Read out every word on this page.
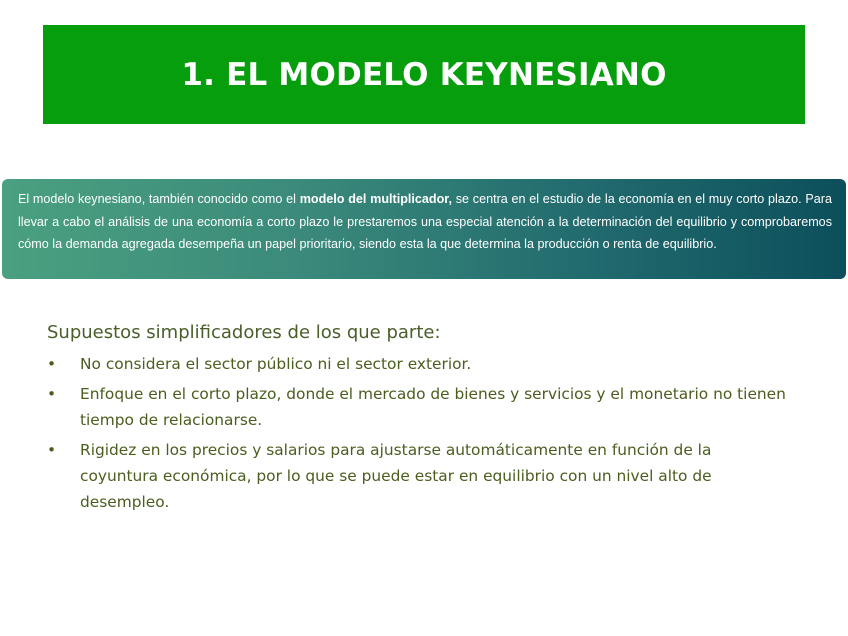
1. EL MODELO KEYNESIANO

El modelo keynesiano, también conocido como el modelo del multiplicador, se centra en el estudio de la economía en el muy corto plazo. Para llevar a cabo el análisis de una economía a corto plazo le prestaremos una especial atención a la determinación del equilibrio y comprobaremos cómo la demanda agregada desempeña un papel prioritario, siendo esta la que determina la producción o renta de equilibrio.

Supuestos simplificadores de los que parte:

• No considera el sector público ni el sector exterior.
• Enfoque en el corto plazo, donde el mercado de bienes y servicios y el monetario no tienen tiempo de relacionarse.
• Rigidez en los precios y salarios para ajustarse automáticamente en función de la coyuntura económica, por lo que se puede estar en equilibrio con un nivel alto de desempleo.
